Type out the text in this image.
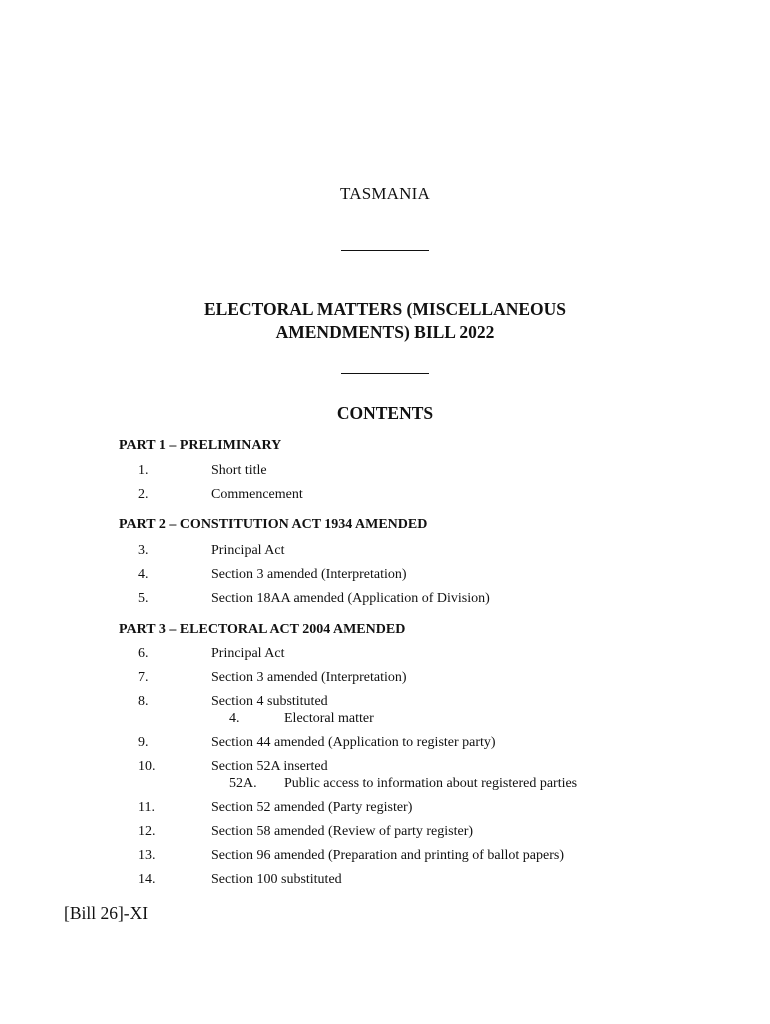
TASMANIA
ELECTORAL MATTERS (MISCELLANEOUS
AMENDMENTS) BILL 2022
CONTENTS
PART 1 – PRELIMINARY
1.	Short title
2.	Commencement
PART 2 – CONSTITUTION ACT 1934 AMENDED
3.	Principal Act
4.	Section 3 amended (Interpretation)
5.	Section 18AA amended (Application of Division)
PART 3 – ELECTORAL ACT 2004 AMENDED
6.	Principal Act
7.	Section 3 amended (Interpretation)
8.	Section 4 substituted
4.	Electoral matter
9.	Section 44 amended (Application to register party)
10.	Section 52A inserted
52A. Public access to information about registered parties
11.	Section 52 amended (Party register)
12.	Section 58 amended (Review of party register)
13.	Section 96 amended (Preparation and printing of ballot papers)
14.	Section 100 substituted
[Bill 26]-XI
